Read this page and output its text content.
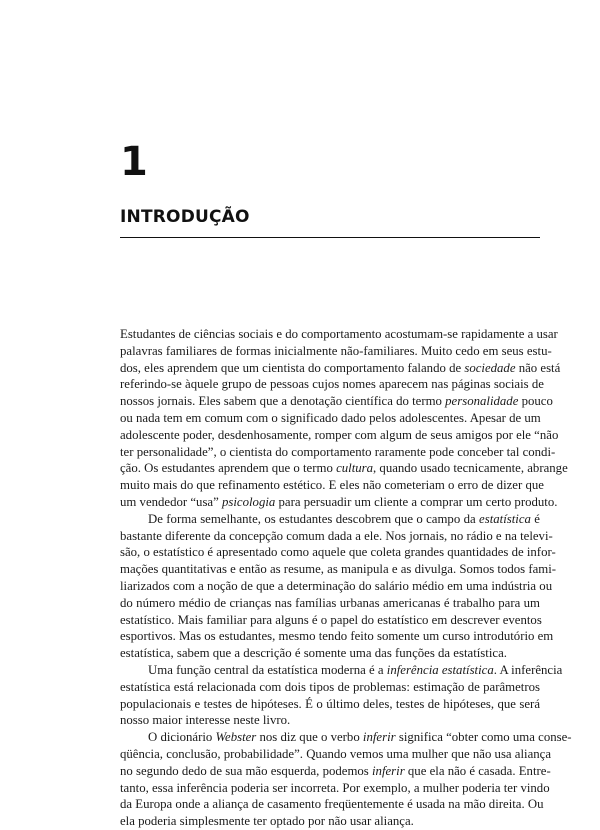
1
INTRODUÇÃO
Estudantes de ciências sociais e do comportamento acostumam-se rapidamente a usar
palavras familiares de formas inicialmente não-familiares. Muito cedo em seus estu-
dos, eles aprendem que um cientista do comportamento falando de sociedade não está
referindo-se àquele grupo de pessoas cujos nomes aparecem nas páginas sociais de
nossos jornais. Eles sabem que a denotação científica do termo personalidade pouco
ou nada tem em comum com o significado dado pelos adolescentes. Apesar de um
adolescente poder, desdenhosamente, romper com algum de seus amigos por ele “não
ter personalidade”, o cientista do comportamento raramente pode conceber tal condi-
ção. Os estudantes aprendem que o termo cultura, quando usado tecnicamente, abrange
muito mais do que refinamento estético. E eles não cometeriam o erro de dizer que
um vendedor “usa” psicologia para persuadir um cliente a comprar um certo produto.
De forma semelhante, os estudantes descobrem que o campo da estatística é
bastante diferente da concepção comum dada a ele. Nos jornais, no rádio e na televi-
são, o estatístico é apresentado como aquele que coleta grandes quantidades de infor-
mações quantitativas e então as resume, as manipula e as divulga. Somos todos fami-
liarizados com a noção de que a determinação do salário médio em uma indústria ou
do número médio de crianças nas famílias urbanas americanas é trabalho para um
estatístico. Mais familiar para alguns é o papel do estatístico em descrever eventos
esportivos. Mas os estudantes, mesmo tendo feito somente um curso introdutório em
estatística, sabem que a descrição é somente uma das funções da estatística.
Uma função central da estatística moderna é a inferência estatística. A inferência
estatística está relacionada com dois tipos de problemas: estimação de parâmetros
populacionais e testes de hipóteses. É o último deles, testes de hipóteses, que será
nosso maior interesse neste livro.
O dicionário Webster nos diz que o verbo inferir significa “obter como uma conse-
qüência, conclusão, probabilidade”. Quando vemos uma mulher que não usa aliança
no segundo dedo de sua mão esquerda, podemos inferir que ela não é casada. Entre-
tanto, essa inferência poderia ser incorreta. Por exemplo, a mulher poderia ter vindo
da Europa onde a aliança de casamento freqüentemente é usada na mão direita. Ou
ela poderia simplesmente ter optado por não usar aliança.
